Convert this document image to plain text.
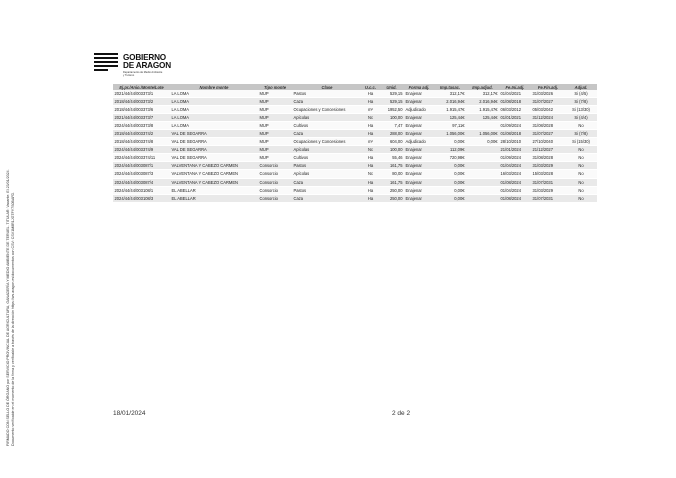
GOBIERNO
DE ARAGON
Departamento de Medio Ambiente
y Turismo
FIRMADO CON SELLO DE ÓRGANO por SERVICIO PROVINCIAL DE AGRICULTURA, GANADERÍA Y MEDIO AMBIENTE DE TERUEL. TITULAR: Vacante. El 23/01/2024. Documento verificable en el momento de la firma y verificable a través de la dirección https://ws.aragon.es/documentos con CSV: CSV1M8R1JGTFY7S0BAFD.
Ej.pr./Anio./Monte/Lote	Nombre monte	Tipo monte	Clase	U.c.c.	Unid.	Forma adj.	Imp.tasac.	Imp.adjud.	Fe.Ini.adj.	Fe.Fin.adj.	Adjud.
2021/44/44/003373/1	LA LOMA	MUP	Pastos	Ha	529,15	Enajenar	312,17€	312,17€	01/04/2021	31/03/2026	Si (4/5)
2018/44/44/003373/2	LA LOMA	MUP	Caza	Ha	529,15	Enajenar	2.016,94€	2.016,94€	01/08/2018	31/07/2027	Si (7/8)
2018/44/44/003373/6	LA LOMA	MUP	Ocupaciones y Concesiones	m²	1952,50	Adjudicado	1.915,47€	1.915,47€	06/03/2012	05/03/2042	Si (13/30)
2021/44/44/003373/7	LA LOMA	MUP	Apícolas	Nc	100,00	Enajenar	125,44€	125,44€	01/01/2021	31/12/2024	Si (4/4)
2024/44/44/003373/8	LA LOMA	MUP	Cultivos	Ha	7,47	Enajenar	97,11€		01/09/2024	31/08/2028	No
2018/44/44/003374/2	VAL DE SEGARRA	MUP	Caza	Ha	288,00	Enajenar	1.056,00€	1.056,00€	01/08/2018	31/07/2027	Si (7/8)
2018/44/44/003374/8	VAL DE SEGARRA	MUP	Ocupaciones y Concesiones	m²	604,00	Adjudicado	0,00€	0,00€	28/10/2010	27/10/2040	Si (15/30)
2024/44/44/003374/9	VAL DE SEGARRA	MUP	Apícolas	Nc	100,00	Enajenar	112,09€		21/01/2024	21/12/2027	No
2024/44/44/003374/11	VAL DE SEGARRA	MUP	Cultivos	Ha	55,46	Enajenar	720,98€		01/09/2024	31/08/2028	No
2024/44/44/003087/1	VALVENTANA Y CABEZO CARMEN	Consorcio	Pastos	Ha	161,75	Enajenar	0,00€		01/04/2024	31/03/2029	No
2024/44/44/003087/3	VALVENTANA Y CABEZO CARMEN	Consorcio	Apícolas	Nc	80,00	Enajenar	0,00€		16/03/2024	15/03/2028	No
2024/44/44/003087/4	VALVENTANA Y CABEZO CARMEN	Consorcio	Caza	Ha	161,75	Enajenar	0,00€		01/08/2024	31/07/2031	No
2024/44/44/003108/1	EL ABELLAR	Consorcio	Pastos	Ha	250,00	Enajenar	0,00€		01/04/2024	31/03/2029	No
2024/44/44/003108/3	EL ABELLAR	Consorcio	Caza	Ha	250,00	Enajenar	0,00€		01/08/2024	31/07/2031	No
18/01/2024	2 de 2
